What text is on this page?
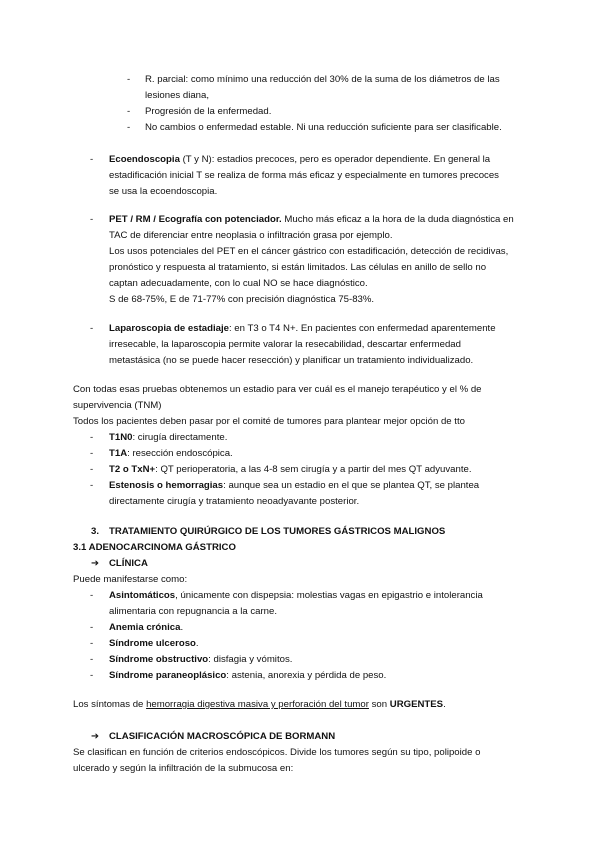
- R. parcial: como mínimo una reducción del 30% de la suma de los diámetros de las
lesiones diana,
- Progresión de la enfermedad.
- No cambios o enfermedad estable. Ni una reducción suficiente para ser clasificable.
- Ecoendoscopia (T y N): estadios precoces, pero es operador dependiente. En general la
estadificación inicial T se realiza de forma más eficaz y especialmente en tumores precoces
se usa la ecoendoscopia.
- PET / RM / Ecografía con potenciador. Mucho más eficaz a la hora de la duda diagnóstica en
TAC de diferenciar entre neoplasia o infiltración grasa por ejemplo.
Los usos potenciales del PET en el cáncer gástrico con estadificación, detección de recidivas,
pronóstico y respuesta al tratamiento, si están limitados. Las células en anillo de sello no
captan adecuadamente, con lo cual NO se hace diagnóstico.
S de 68-75%, E de 71-77% con precisión diagnóstica 75-83%.
- Laparoscopia de estadiaje: en T3 o T4 N+. En pacientes con enfermedad aparentemente
irresecable, la laparoscopia permite valorar la resecabilidad, descartar enfermedad
metastásica (no se puede hacer resección) y planificar un tratamiento individualizado.
Con todas esas pruebas obtenemos un estadio para ver cuál es el manejo terapéutico y el % de
supervivencia (TNM)
Todos los pacientes deben pasar por el comité de tumores para plantear mejor opción de tto
- T1N0: cirugía directamente.
- T1A: resección endoscópica.
- T2 o TxN+: QT perioperatoria, a las 4-8 sem cirugía y a partir del mes QT adyuvante.
- Estenosis o hemorragias: aunque sea un estadio en el que se plantea QT, se plantea
directamente cirugía y tratamiento neoadyavante posterior.
3. TRATAMIENTO QUIRÚRGICO DE LOS TUMORES GÁSTRICOS MALIGNOS
3.1 ADENOCARCINOMA GÁSTRICO
➔ CLÍNICA
Puede manifestarse como:
- Asintomáticos, únicamente con dispepsia: molestias vagas en epigastrio e intolerancia
alimentaria con repugnancia a la carne.
- Anemia crónica.
- Síndrome ulceroso.
- Síndrome obstructivo: disfagia y vómitos.
- Síndrome paraneoplásico: astenia, anorexia y pérdida de peso.
Los síntomas de hemorragia digestiva masiva y perforación del tumor son URGENTES.
➔ CLASIFICACIÓN MACROSCÓPICA DE BORMANN
Se clasifican en función de criterios endoscópicos. Divide los tumores según su tipo, polipoide o
ulcerado y según la infiltración de la submucosa en:
